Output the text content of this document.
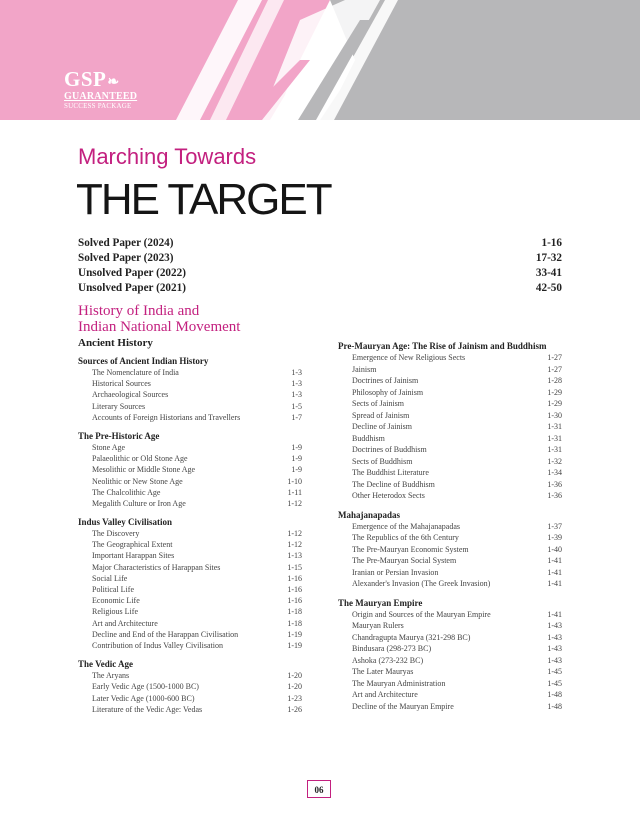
GSP❧
GUARANTEED
SUCCESS PACKAGE
Marching Towards
THE TARGET
Solved Paper (2024)	1-16
Solved Paper (2023)	17-32
Unsolved Paper (2022)	33-41
Unsolved Paper (2021)	42-50
History of India and
Indian National Movement
Ancient History
Sources of Ancient Indian History
The Nomenclature of India	1-3
Historical Sources	1-3
Archaeological Sources	1-3
Literary Sources	1-5
Accounts of Foreign Historians and Travellers	1-7
The Pre-Historic Age
Stone Age	1-9
Palaeolithic or Old Stone Age	1-9
Mesolithic or Middle Stone Age	1-9
Neolithic or New Stone Age	1-10
The Chalcolithic Age	1-11
Megalith Culture or Iron Age	1-12
Indus Valley Civilisation
The Discovery	1-12
The Geographical Extent	1-12
Important Harappan Sites	1-13
Major Characteristics of Harappan Sites	1-15
Social Life	1-16
Political Life	1-16
Economic Life	1-16
Religious Life	1-18
Art and Architecture	1-18
Decline and End of the Harappan Civilisation	1-19
Contribution of Indus Valley Civilisation	1-19
The Vedic Age
The Aryans	1-20
Early Vedic Age (1500-1000 BC)	1-20
Later Vedic Age (1000-600 BC)	1-23
Literature of the Vedic Age: Vedas	1-26
Pre-Mauryan Age: The Rise of Jainism and Buddhism
Emergence of New Religious Sects	1-27
Jainism	1-27
Doctrines of Jainism	1-28
Philosophy of Jainism	1-29
Sects of Jainism	1-29
Spread of Jainism	1-30
Decline of Jainism	1-31
Buddhism	1-31
Doctrines of Buddhism	1-31
Sects of Buddhism	1-32
The Buddhist Literature	1-34
The Decline of Buddhism	1-36
Other Heterodox Sects	1-36
Mahajanapadas
Emergence of the Mahajanapadas	1-37
The Republics of the 6th Century	1-39
The Pre-Mauryan Economic System	1-40
The Pre-Mauryan Social System	1-41
Iranian or Persian Invasion	1-41
Alexander's Invasion (The Greek Invasion)	1-41
The Mauryan Empire
Origin and Sources of the Mauryan Empire	1-41
Mauryan Rulers	1-43
Chandragupta Maurya (321-298 BC)	1-43
Bindusara (298-273 BC)	1-43
Ashoka (273-232 BC)	1-43
The Later Mauryas	1-45
The Mauryan Administration	1-45
Art and Architecture	1-48
Decline of the Mauryan Empire	1-48
06
